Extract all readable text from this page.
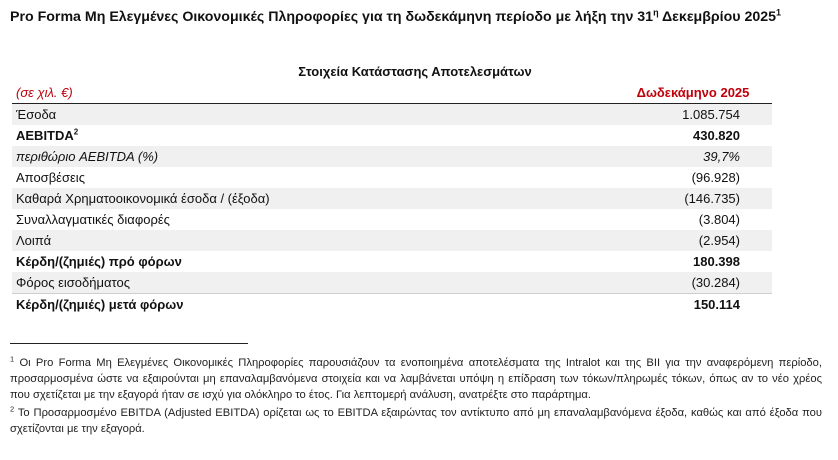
Pro Forma Μη Ελεγμένες Οικονομικές Πληροφορίες για τη δωδεκάμηνη περίοδο με λήξη την $31^\eta$ Δεκεμβρίου 2025$^1$
Στοιχεία Κατάστασης Αποτελεσμάτων
(σε χιλ. €)	Δωδεκάμηνο 2025
Έσοδα	1.085.754
AEBITDA$^2$	430.820
περιθώριο AEBITDA (%)	39,7%
Αποσβέσεις	(96.928)
Καθαρά Χρηματοοικονομικά έσοδα / (έξοδα)	(146.735)
Συναλλαγματικές διαφορές	(3.804)
Λοιπά	(2.954)
Κέρδη/(ζημιές) πρό φόρων	180.398
Φόρος εισοδήματος	(30.284)
Κέρδη/(ζημιές) μετά φόρων	150.114

$^1$ Οι Pro Forma Μη Ελεγμένες Οικονομικές Πληροφορίες παρουσιάζουν τα ενοποιημένα αποτελέσματα της Intralot και της BII για την αναφερόμενη περίοδο, προσαρμοσμένα ώστε να εξαιρούνται μη επαναλαμβανόμενα στοιχεία και να λαμβάνεται υπόψη η επίδραση των τόκων/πληρωμές τόκων, όπως αν το νέο χρέος που σχετίζεται με την εξαγορά ήταν σε ισχύ για ολόκληρο το έτος. Για λεπτομερή ανάλυση, ανατρέξτε στο παράρτημα.

$^2$ Το Προσαρμοσμένο EBITDA (Adjusted EBITDA) ορίζεται ως το EBITDA εξαιρώντας τον αντίκτυπο από μη επαναλαμβανόμενα έξοδα, καθώς και από έξοδα που σχετίζονται με την εξαγορά.
